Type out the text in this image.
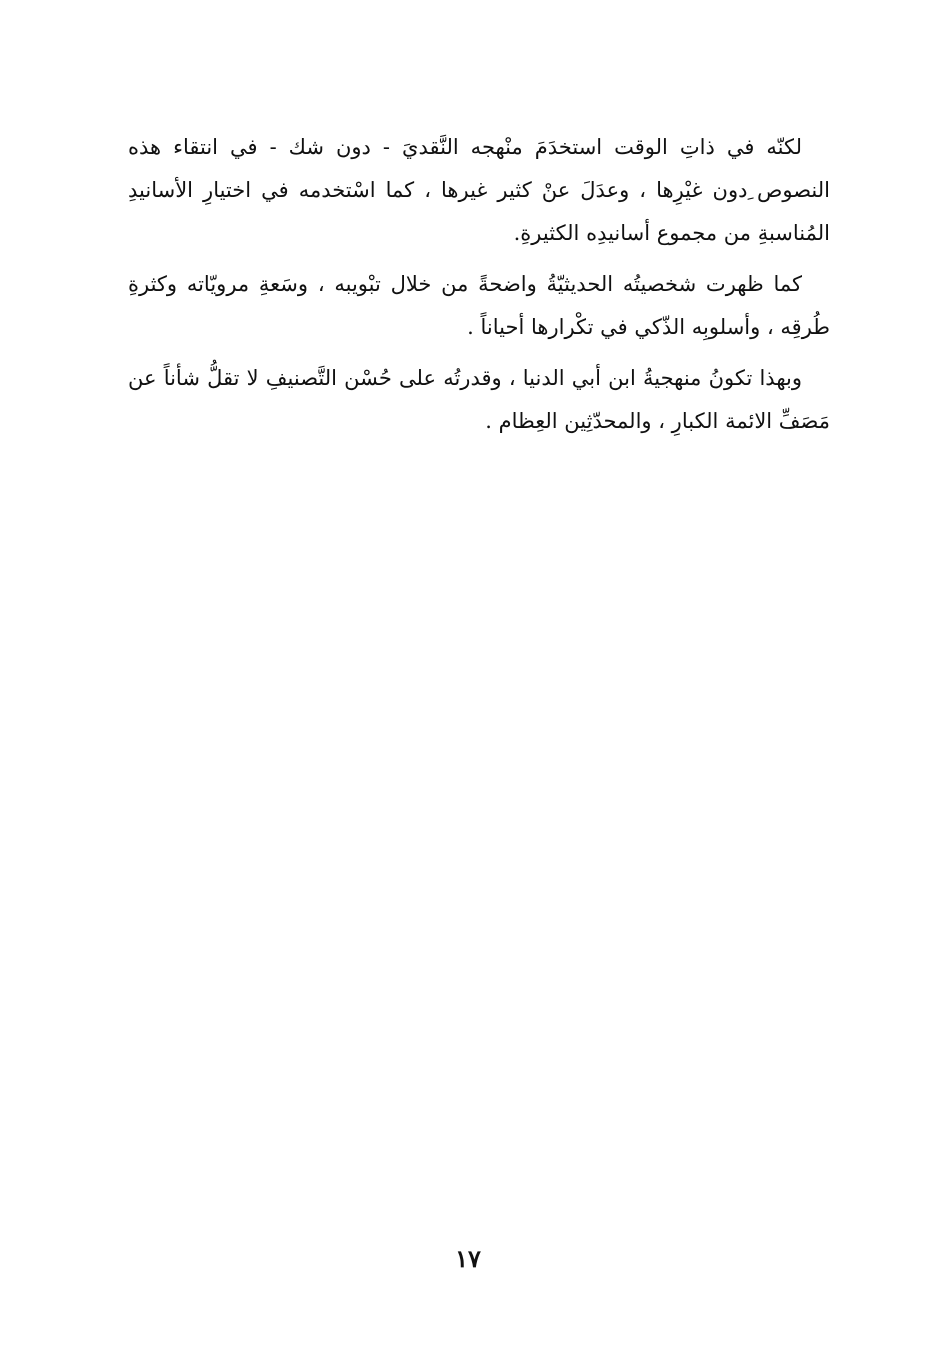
لكنّه في ذاتِ الوقت استخدَمَ منْهجه النَّقديَ - دون شك - في انتقاء هذه النصوص ِدون غيْرِها ، وعدَلَ عنْ كثير غيرها ، كما اسْتخدمه في اختيارِ الأسانيدِ المُناسبةِ من مجموع أسانيدِه الكثيرةِ.

كما ظهرت شخصيتُه الحديثيّةُ واضحةً من خلال تبْويبه ، وسَعةِ مرويّاته وكثرةِ طُرقِه ، وأسلوبِه الذّكي في تكْرارها أحياناً .

وبهذا تكونُ منهجيةُ ابن أبي الدنيا ، وقدرتُه على حُسْن التَّصنيفِ لا تقلُّ شأناً عن مَصَفِّ الائمة الكبارِ ، والمحدّثِين العِظام .

١٧
